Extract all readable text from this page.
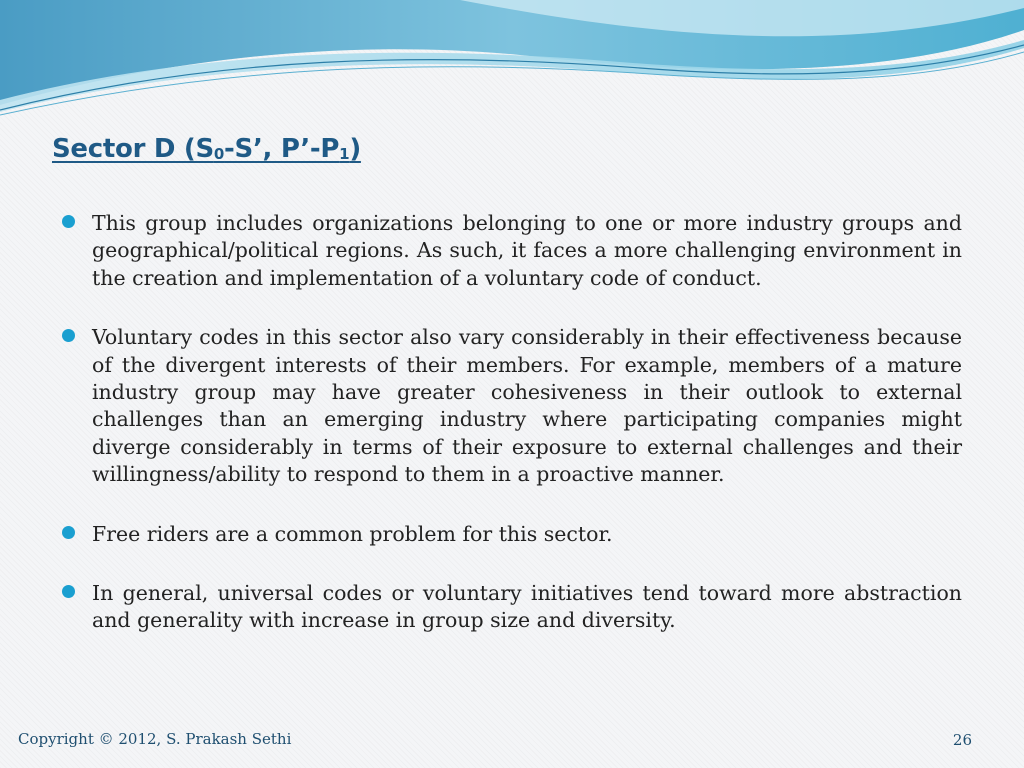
Sector D ($S_0-S$’, $P’-P_1$)
This group includes organizations belonging to one or more industry groups and geographical/political regions. As such, it faces a more challenging environment in the creation and implementation of a voluntary code of conduct.
Voluntary codes in this sector also vary considerably in their effectiveness because of the divergent interests of their members. For example, members of a mature industry group may have greater cohesiveness in their outlook to external challenges than an emerging industry where participating companies might diverge considerably in terms of their exposure to external challenges and their willingness/ability to respond to them in a proactive manner.
Free riders are a common problem for this sector.
In general, universal codes or voluntary initiatives tend toward more abstraction and generality with increase in group size and diversity.
Copyright © 2012, S. Prakash Sethi	26
